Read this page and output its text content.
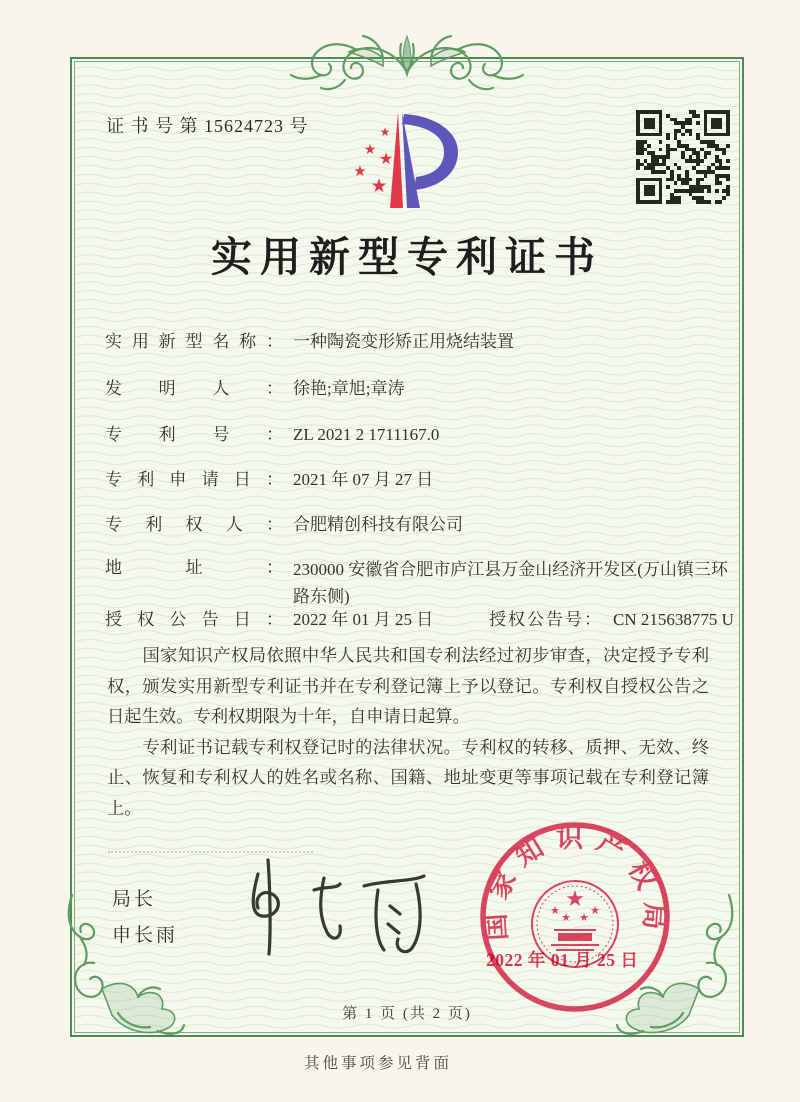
证 书 号 第 15624723 号	★
★
★
★
★
实用新型专利证书
实用新型名称： 一种陶瓷变形矫正用烧结装置
发明人： 徐艳;章旭;章涛
专利号： ZL 2021 2 1711167.0
专利申请日： 2021 年 07 月 27 日
专利权人： 合肥精创科技有限公司
地址： 230000 安徽省合肥市庐江县万金山经济开发区(万山镇三环路东侧)
授权公告日： 2022 年 01 月 25 日	授权公告号： CN 215638775 U

国家知识产权局依照中华人民共和国专利法经过初步审查，决定授予专利权，颁发实用新型专利证书并在专利登记簿上予以登记。专利权自授权公告之日起生效。专利权期限为十年，自申请日起算。

专利证书记载专利权登记时的法律状况。专利权的转移、质押、无效、终止、恢复和专利权人的姓名或名称、国籍、地址变更等事项记载在专利登记簿上。

局长
申长雨	国家知识产权局
★
★
★ ★
★
2022 年 01 月 25 日
第 1 页 (共 2 页)
其他事项参见背面
